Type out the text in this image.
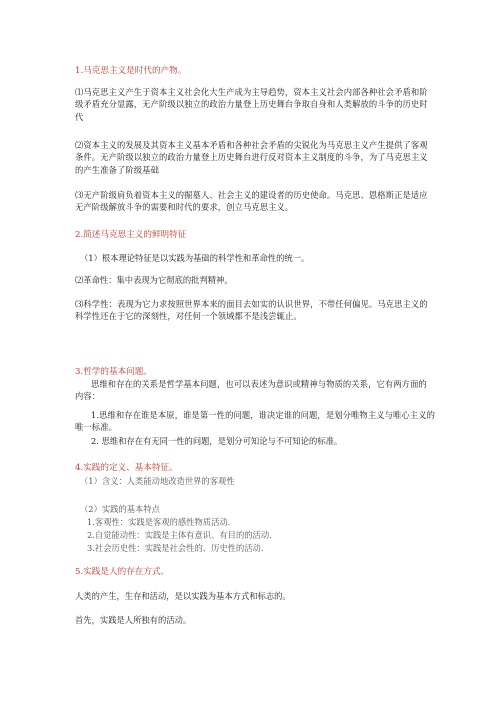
1.马克思主义是时代的产物。
⑴马克思主义产生于资本主义社会化大生产成为主导趋势，资本主义社会内部各种社会矛盾和阶级矛盾充分显露，无产阶级以独立的政治力量登上历史舞台争取自身和人类解放的斗争的历史时代
⑵资本主义的发展及其资本主义基本矛盾和各种社会矛盾的尖锐化为马克思主义产生提供了客观条件。无产阶级以独立的政治力量登上历史舞台进行反对资本主义制度的斗争，为了马克思主义的产生准备了阶级基础
⑶无产阶级肩负着资本主义的掘墓人、社会主义的建设者的历史使命。马克思、恩格斯正是适应无产阶级解放斗争的需要和时代的要求，创立马克思主义。
2.简述马克思主义的鲜明特征
（1）根本理论特征是以实践为基础的科学性和革命性的统一。
⑵革命性：集中表现为它彻底的批判精神。
⑶科学性：表现为它力求按照世界本来的面目去如实的认识世界，不带任何偏见。马克思主义的科学性还在于它的深刻性，对任何一个领域都不是浅尝辄止。
3.哲学的基本问题。
思维和存在的关系是哲学基本问题，也可以表述为意识或精神与物质的关系，它有两方面的内容：
1.思维和存在谁是本原，谁是第一性的问题，谁决定谁的问题，是划分唯物主义与唯心主义的唯一标准。
2. 思维和存在有无同一性的问题，是划分可知论与不可知论的标准。
4.实践的定义、基本特征。
（1）含义：人类能动地改造世界的客观性
（2）实践的基本特点
1.客观性：实践是客观的感性物质活动.
2.自觉能动性：实践是主体有意识、有目的的活动.
3.社会历史性：实践是社会性的、历史性的活动.
5.实践是人的存在方式。
人类的产生，生存和活动，是以实践为基本方式和标志的。
首先，实践是人所独有的活动。
